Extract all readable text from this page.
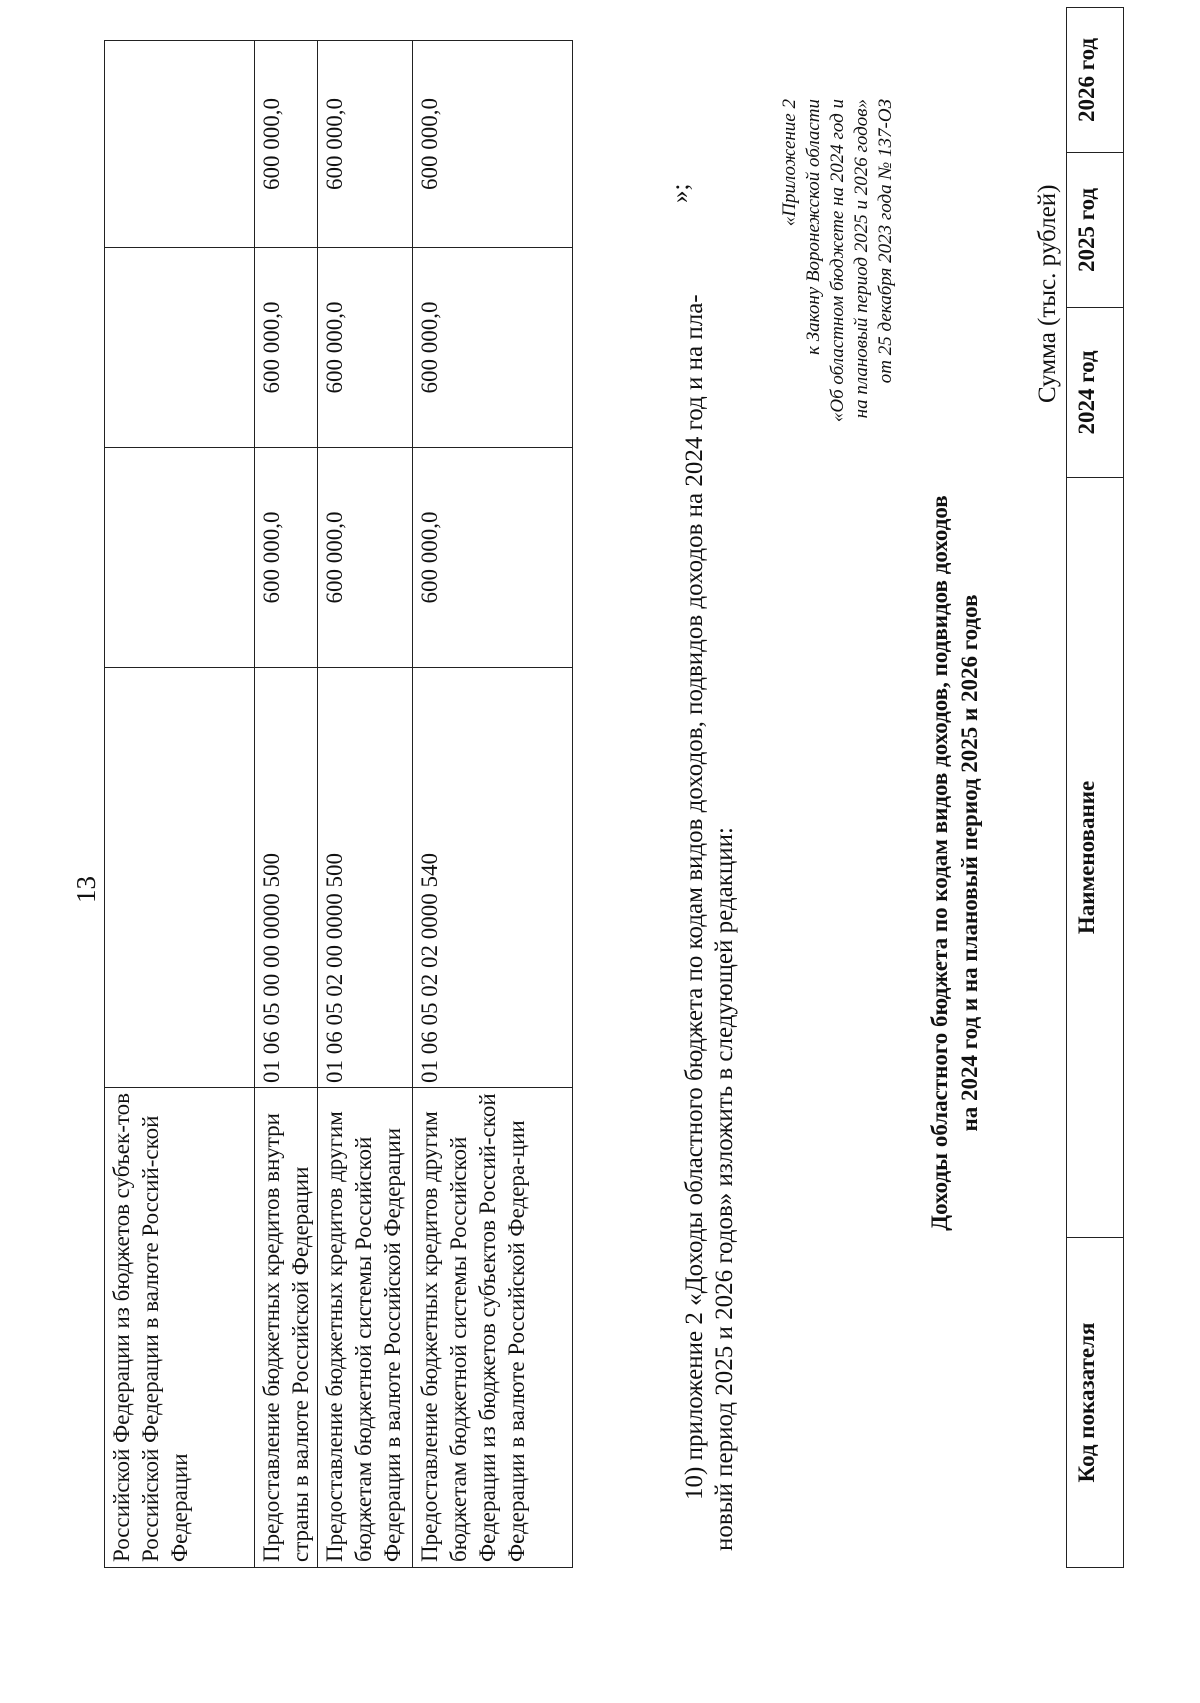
13
Российской Федерации из бюджетов субъек-тов Российской Федерации в валюте Россий-ской Федерации				
Предоставление бюджетных кредитов внутри страны в валюте Российской Федерации	01 06 05 00 00 0000 500	600 000,0	600 000,0	600 000,0
Предоставление бюджетных кредитов другим бюджетам бюджетной системы Российской Федерации в валюте Российской Федерации	01 06 05 02 00 0000 500	600 000,0	600 000,0	600 000,0
Предоставление бюджетных кредитов другим бюджетам бюджетной системы Российской Федерации из бюджетов субъектов Россий-ской Федерации в валюте Российской Федера-ции	01 06 05 02 02 0000 540	600 000,0	600 000,0	600 000,0
»;
10) приложение 2 «Доходы областного бюджета по кодам видов доходов, подвидов доходов на 2024 год и на пла- новый период 2025 и 2026 годов» изложить в следующей редакции:
«Приложение 2 к Закону Воронежской области «Об областном бюджете на 2024 год и на плановый период 2025 и 2026 годов» от 25 декабря 2023 года № 137-ОЗ
Доходы областного бюджета по кодам видов доходов, подвидов доходов на 2024 год и на плановый период 2025 и 2026 годов
Сумма (тыс. рублей)
Код показателя	Наименование	2024 год	2025 год	2026 год
